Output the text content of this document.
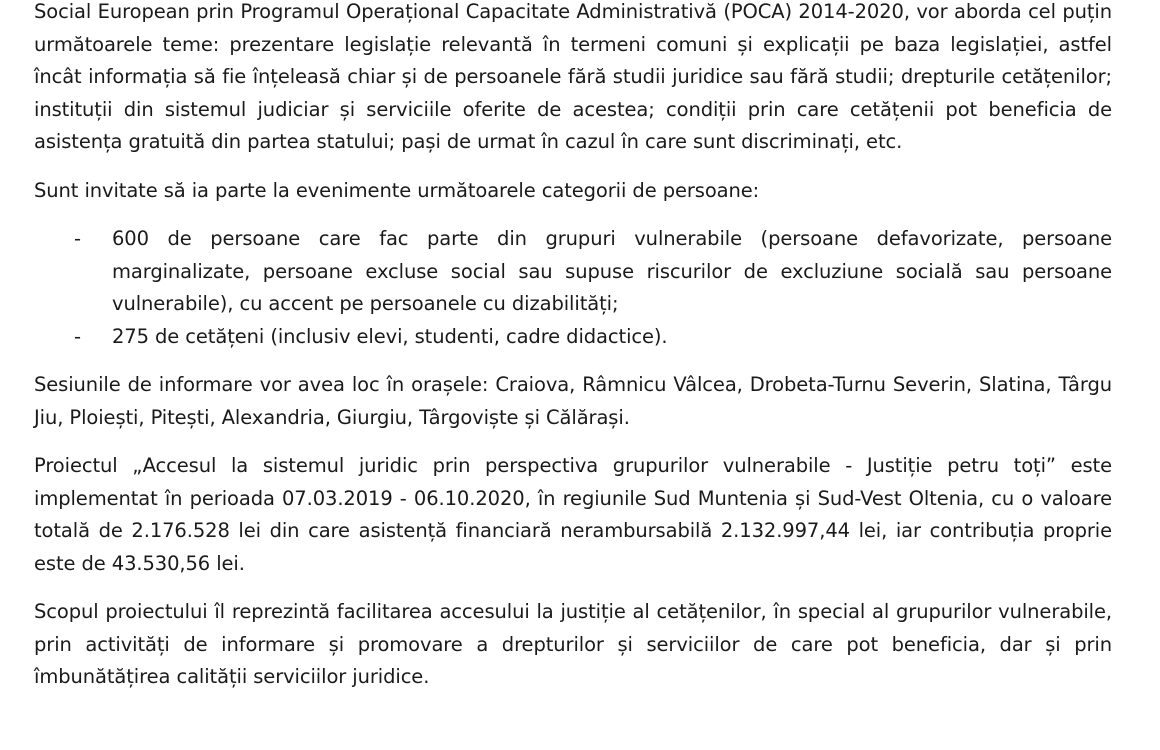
Social European prin Programul Operațional Capacitate Administrativă (POCA) 2014-2020, vor aborda cel puțin următoarele teme: prezentare legislație relevantă în termeni comuni și explicații pe baza legislației, astfel încât informația să fie înțeleasă chiar și de persoanele fără studii juridice sau fără studii; drepturile cetățenilor; instituții din sistemul judiciar și serviciile oferite de acestea; condiții prin care cetățenii pot beneficia de asistența gratuită din partea statului; pași de urmat în cazul în care sunt discriminați, etc.

Sunt invitate să ia parte la evenimente următoarele categorii de persoane:

- 600 de persoane care fac parte din grupuri vulnerabile (persoane defavorizate, persoane marginalizate, persoane excluse social sau supuse riscurilor de excluziune socială sau persoane vulnerabile), cu accent pe persoanele cu dizabilități;
- 275 de cetățeni (inclusiv elevi, studenti, cadre didactice).

Sesiunile de informare vor avea loc în orașele: Craiova, Râmnicu Vâlcea, Drobeta-Turnu Severin, Slatina, Târgu Jiu, Ploiești, Pitești, Alexandria, Giurgiu, Târgoviște și Călărași.

Proiectul „Accesul la sistemul juridic prin perspectiva grupurilor vulnerabile - Justiție petru toți” este implementat în perioada 07.03.2019 - 06.10.2020, în regiunile Sud Muntenia și Sud-Vest Oltenia, cu o valoare totală de 2.176.528 lei din care asistență financiară nerambursabilă 2.132.997,44 lei, iar contribuția proprie este de 43.530,56 lei.

Scopul proiectului îl reprezintă facilitarea accesului la justiție al cetățenilor, în special al grupurilor vulnerabile, prin activități de informare și promovare a drepturilor și serviciilor de care pot beneficia, dar și prin îmbunătățirea calității serviciilor juridice.
